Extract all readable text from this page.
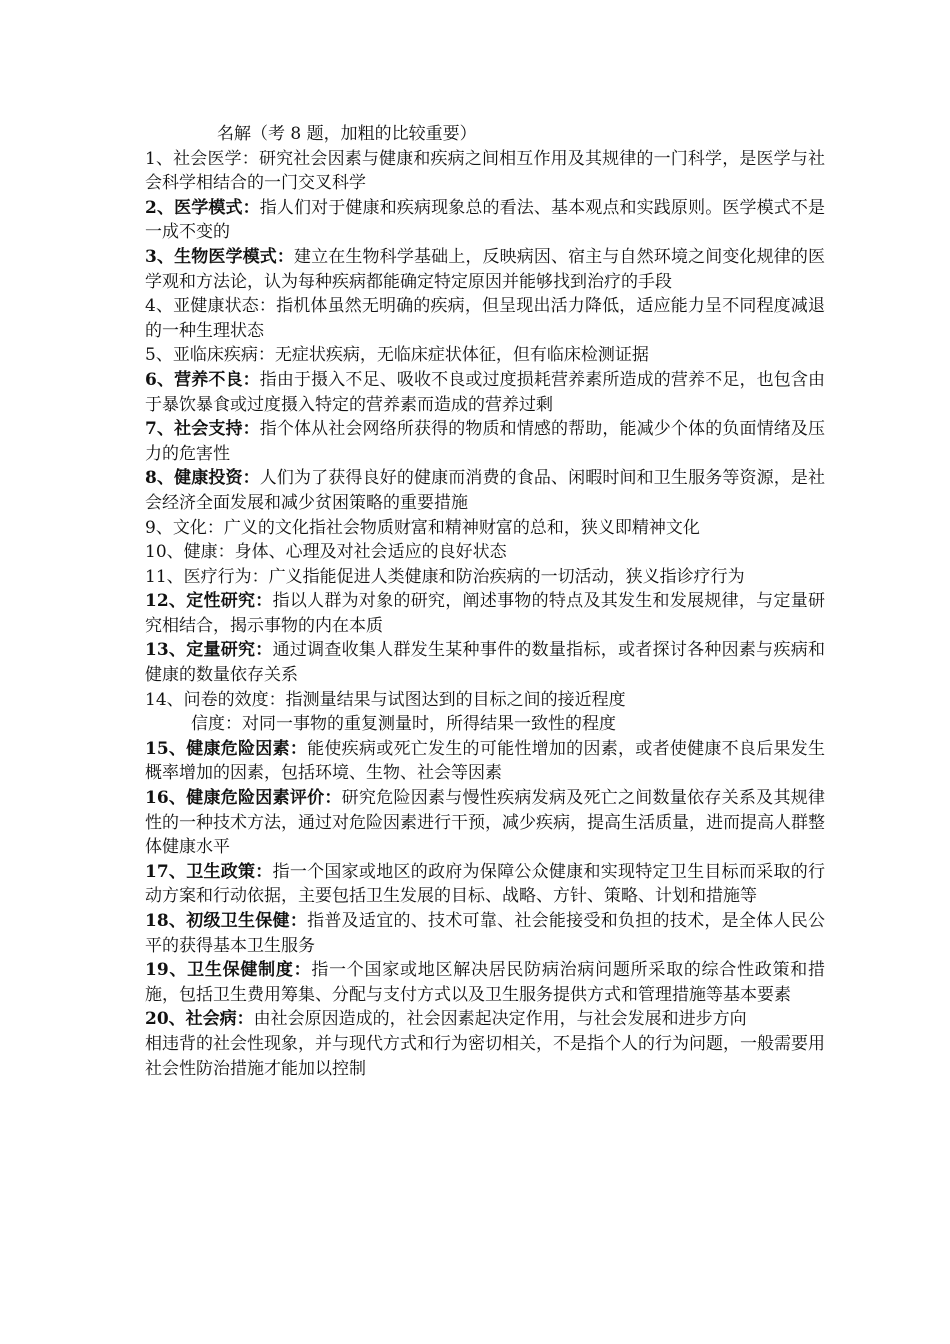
名解（考 8 题，加粗的比较重要）

1、社会医学：研究社会因素与健康和疾病之间相互作用及其规律的一门科学，是医学与社会科学相结合的一门交叉科学

2、医学模式：指人们对于健康和疾病现象总的看法、基本观点和实践原则。医学模式不是一成不变的

3、生物医学模式：建立在生物科学基础上，反映病因、宿主与自然环境之间变化规律的医学观和方法论，认为每种疾病都能确定特定原因并能够找到治疗的手段

4、亚健康状态：指机体虽然无明确的疾病，但呈现出活力降低，适应能力呈不同程度减退的一种生理状态

5、亚临床疾病：无症状疾病，无临床症状体征，但有临床检测证据

6、营养不良：指由于摄入不足、吸收不良或过度损耗营养素所造成的营养不足，也包含由于暴饮暴食或过度摄入特定的营养素而造成的营养过剩

7、社会支持：指个体从社会网络所获得的物质和情感的帮助，能减少个体的负面情绪及压力的危害性

8、健康投资：人们为了获得良好的健康而消费的食品、闲暇时间和卫生服务等资源，是社会经济全面发展和减少贫困策略的重要措施

9、文化：广义的文化指社会物质财富和精神财富的总和，狭义即精神文化

10、健康：身体、心理及对社会适应的良好状态

11、医疗行为：广义指能促进人类健康和防治疾病的一切活动，狭义指诊疗行为

12、定性研究：指以人群为对象的研究，阐述事物的特点及其发生和发展规律，与定量研究相结合，揭示事物的内在本质

13、定量研究：通过调查收集人群发生某种事件的数量指标，或者探讨各种因素与疾病和健康的数量依存关系

14、问卷的效度：指测量结果与试图达到的目标之间的接近程度

信度：对同一事物的重复测量时，所得结果一致性的程度

15、健康危险因素：能使疾病或死亡发生的可能性增加的因素，或者使健康不良后果发生概率增加的因素，包括环境、生物、社会等因素

16、健康危险因素评价：研究危险因素与慢性疾病发病及死亡之间数量依存关系及其规律性的一种技术方法，通过对危险因素进行干预，减少疾病，提高生活质量，进而提高人群整体健康水平

17、卫生政策：指一个国家或地区的政府为保障公众健康和实现特定卫生目标而采取的行动方案和行动依据，主要包括卫生发展的目标、战略、方针、策略、计划和措施等

18、初级卫生保健：指普及适宜的、技术可靠、社会能接受和负担的技术，是全体人民公平的获得基本卫生服务

19、卫生保健制度：指一个国家或地区解决居民防病治病问题所采取的综合性政策和措施，包括卫生费用筹集、分配与支付方式以及卫生服务提供方式和管理措施等基本要素

20、社会病：由社会原因造成的，社会因素起决定作用，与社会发展和进步方向

相违背的社会性现象，并与现代方式和行为密切相关，不是指个人的行为问题，一般需要用社会性防治措施才能加以控制
